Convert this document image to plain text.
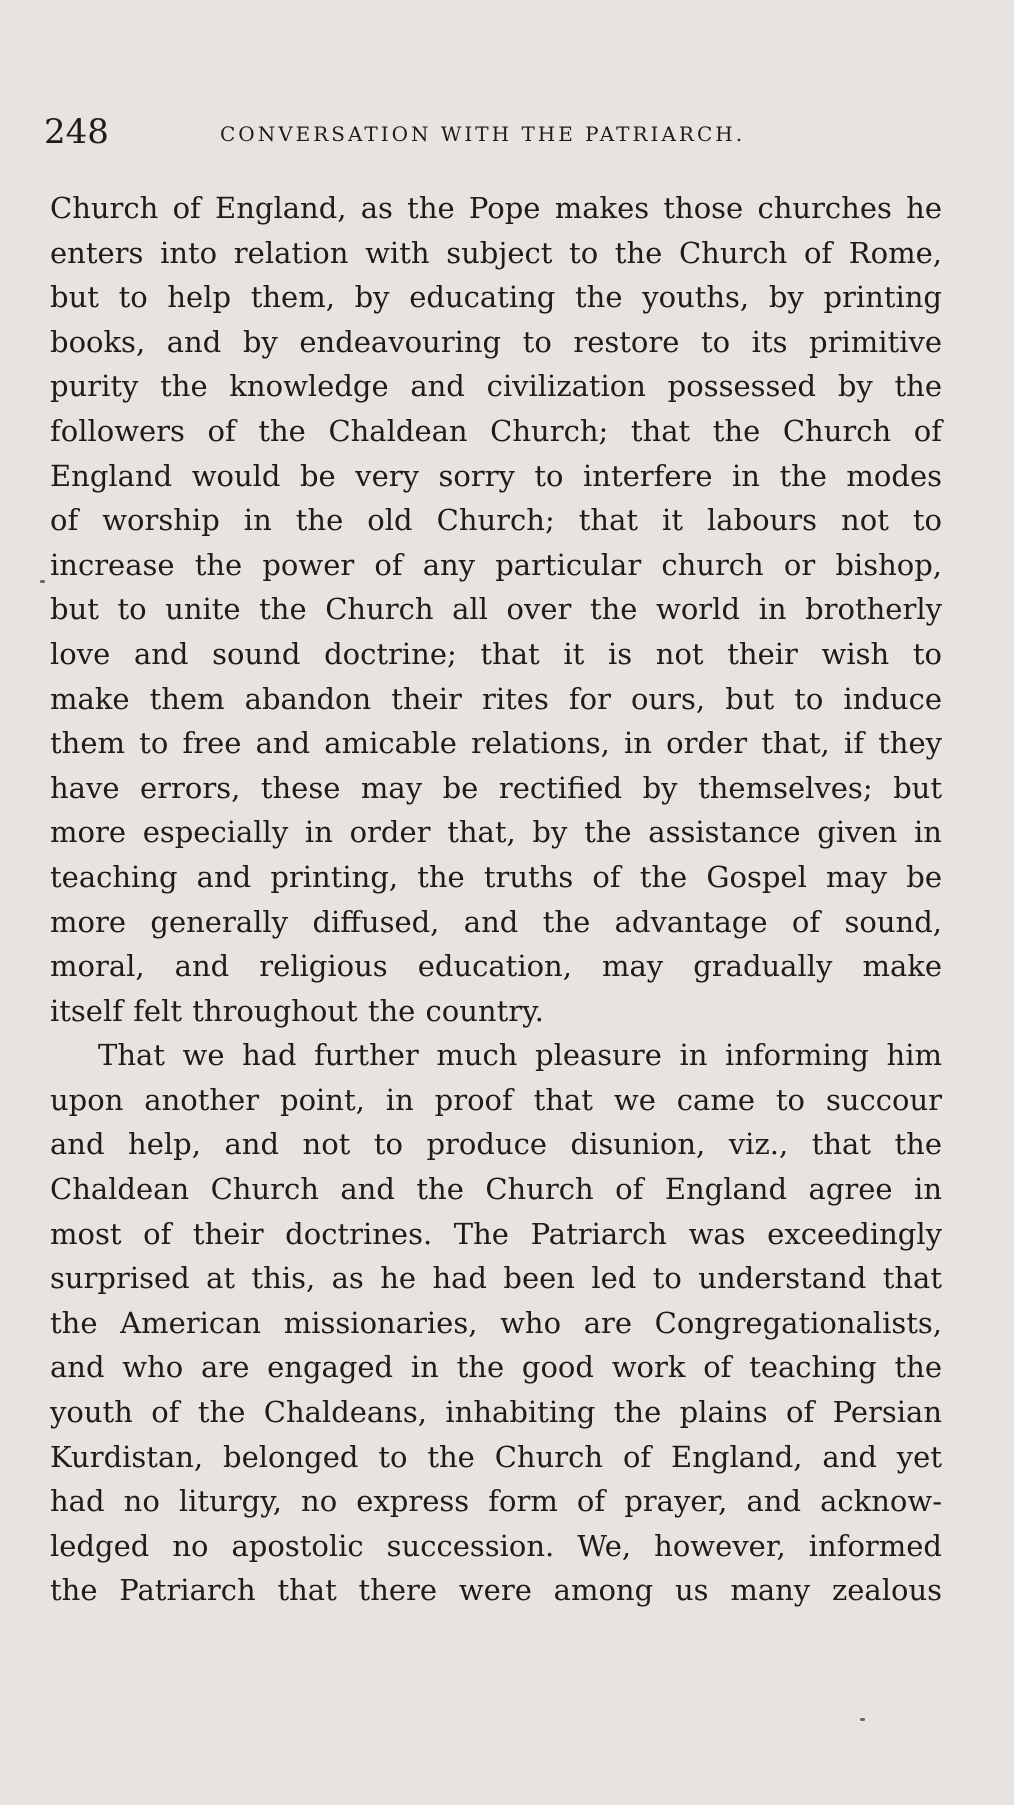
248	CONVERSATION WITH THE PATRIARCH.
Church of England, as the Pope makes those churches he
enters into relation with subject to the Church of Rome,
but to help them, by educating the youths, by printing
books, and by endeavouring to restore to its primitive
purity the knowledge and civilization possessed by the
followers of the Chaldean Church; that the Church of
England would be very sorry to interfere in the modes
of worship in the old Church; that it labours not to
increase the power of any particular church or bishop,
but to unite the Church all over the world in brotherly
love and sound doctrine; that it is not their wish to
make them abandon their rites for ours, but to induce
them to free and amicable relations, in order that, if they
have errors, these may be rectified by themselves; but
more especially in order that, by the assistance given in
teaching and printing, the truths of the Gospel may be
more generally diffused, and the advantage of sound,
moral, and religious education, may gradually make
itself felt throughout the country.
That we had further much pleasure in informing him
upon another point, in proof that we came to succour
and help, and not to produce disunion, viz., that the
Chaldean Church and the Church of England agree in
most of their doctrines. The Patriarch was exceedingly
surprised at this, as he had been led to understand that
the American missionaries, who are Congregationalists,
and who are engaged in the good work of teaching the
youth of the Chaldeans, inhabiting the plains of Persian
Kurdistan, belonged to the Church of England, and yet
had no liturgy, no express form of prayer, and acknow-
ledged no apostolic succession. We, however, informed
the Patriarch that there were among us many zealous
